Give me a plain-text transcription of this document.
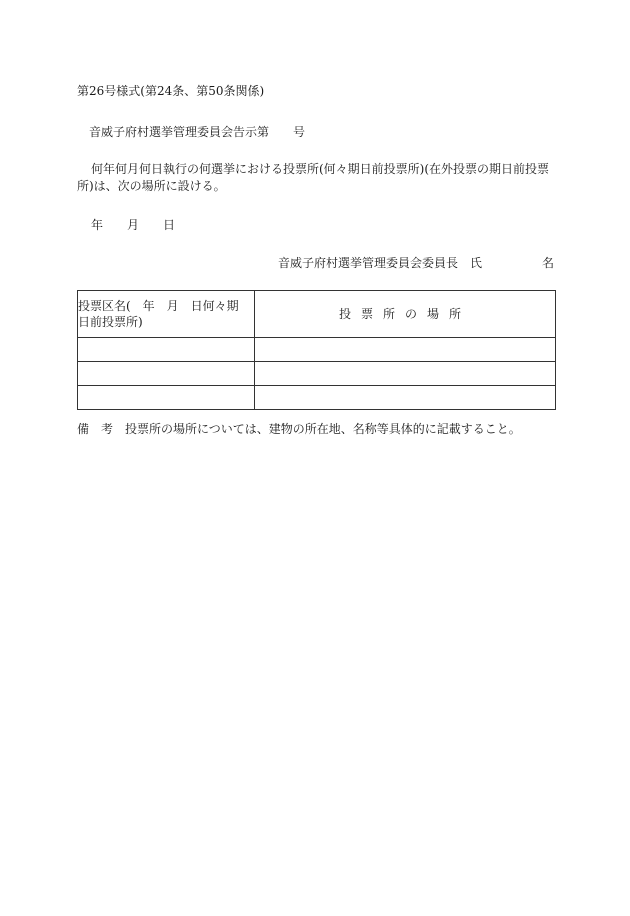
第26号様式(第24条、第50条関係)
音威子府村選挙管理委員会告示第　　号
何年何月何日執行の何選挙における投票所(何々期日前投票所)(在外投票の期日前投票
所)は、次の場所に設ける。
年　　月　　日
音威子府村選挙管理委員会委員長　氏　　　　　名
投票区名(　年　月　日何々期
日前投票所)	投票所の場所

備　考　投票所の場所については、建物の所在地、名称等具体的に記載すること。
